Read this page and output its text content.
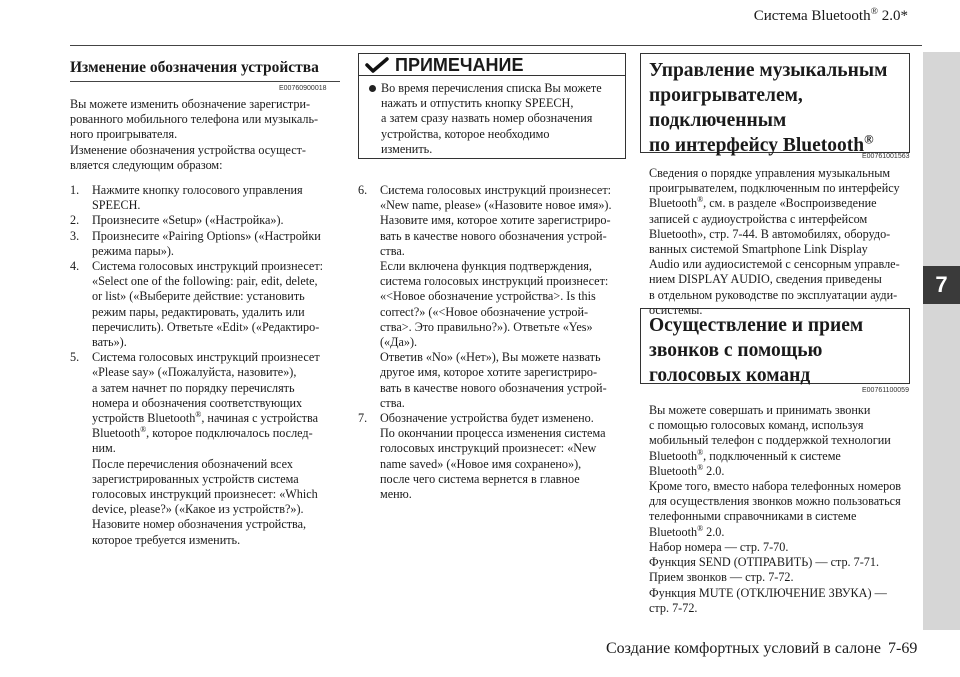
Система Bluetooth® 2.0*
7
Изменение обозначения устройства
E00760900018
Вы можете изменить обозначение зарегистри-
рованного мобильного телефона или музыкаль-
ного проигрывателя.
Изменение обозначения устройства осущест-
вляется следующим образом:
1. Нажмите кнопку голосового управления
SPEECH.
2. Произнесите «Setup» («Настройка»).
3. Произнесите «Pairing Options» («Настройки
режима пары»).
4. Система голосовых инструкций произнесет:
«Select one of the following: pair, edit, delete,
or list» («Выберите действие: установить
режим пары, редактировать, удалить или
перечислить). Ответьте «Edit» («Редактиро-
вать»).
5. Система голосовых инструкций произнесет
«Please say» («Пожалуйста, назовите»),
а затем начнет по порядку перечислять
номера и обозначения соответствующих
устройств Bluetooth®, начиная с устройства
Bluetooth®, которое подключалось послед-
ним.
После перечисления обозначений всех
зарегистрированных устройств система
голосовых инструкций произнесет: «Which
device, please?» («Какое из устройств?»).
Назовите номер обозначения устройства,
которое требуется изменить.
ПРИМЕЧАНИЕ
Во время перечисления списка Вы можете
нажать и отпустить кнопку SPEECH,
а затем сразу назвать номер обозначения
устройства, которое необходимо
изменить.
6. Система голосовых инструкций произнесет:
«New name, please» («Назовите новое имя»).
Назовите имя, которое хотите зарегистриро-
вать в качестве нового обозначения устрой-
ства.
Если включена функция подтверждения,
система голосовых инструкций произнесет:
«<Новое обозначение устройства>. Is this
correct?» («<Новое обозначение устрой-
ства>. Это правильно?»). Ответьте «Yes»
(«Да»).
Ответив «No» («Нет»), Вы можете назвать
другое имя, которое хотите зарегистриро-
вать в качестве нового обозначения устрой-
ства.
7. Обозначение устройства будет изменено.
По окончании процесса изменения системa
голосовых инструкций произнесет: «New
name saved» («Новое имя сохранено»),
после чего система вернется в главное
меню.
Управление музыкальным
проигрывателем,
подключенным
по интерфейсу Bluetooth®
E00761001563
Сведения о порядке управления музыкальным
проигрывателем, подключенным по интерфейсу
Bluetooth®, см. в разделе «Воспроизведение
записей с аудиоустройства с интерфейсом
Bluetooth», стр. 7-44. В автомобилях, оборудо-
ванных системой Smartphone Link Display
Audio или аудиосистемой с сенсорным управле-
нием DISPLAY AUDIO, сведения приведены
в отдельном руководстве по эксплуатации ауди-
осистемы.
Осуществление и прием
звонков с помощью
голосовых команд
E00761100059
Вы можете совершать и принимать звонки
с помощью голосовых команд, используя
мобильный телефон с поддержкой технологии
Bluetooth®, подключенный к системе
Bluetooth® 2.0.
Кроме того, вместо набора телефонных номеров
для осуществления звонков можно пользоваться
телефонными справочниками в системе
Bluetooth® 2.0.
Набор номера — стр. 7-70.
Функция SEND (ОТПРАВИТЬ) — стр. 7-71.
Прием звонков — стр. 7-72.
Функция MUTE (ОТКЛЮЧЕНИЕ ЗВУКА) —
стр. 7-72.
Создание комфортных условий в салоне 7-69
